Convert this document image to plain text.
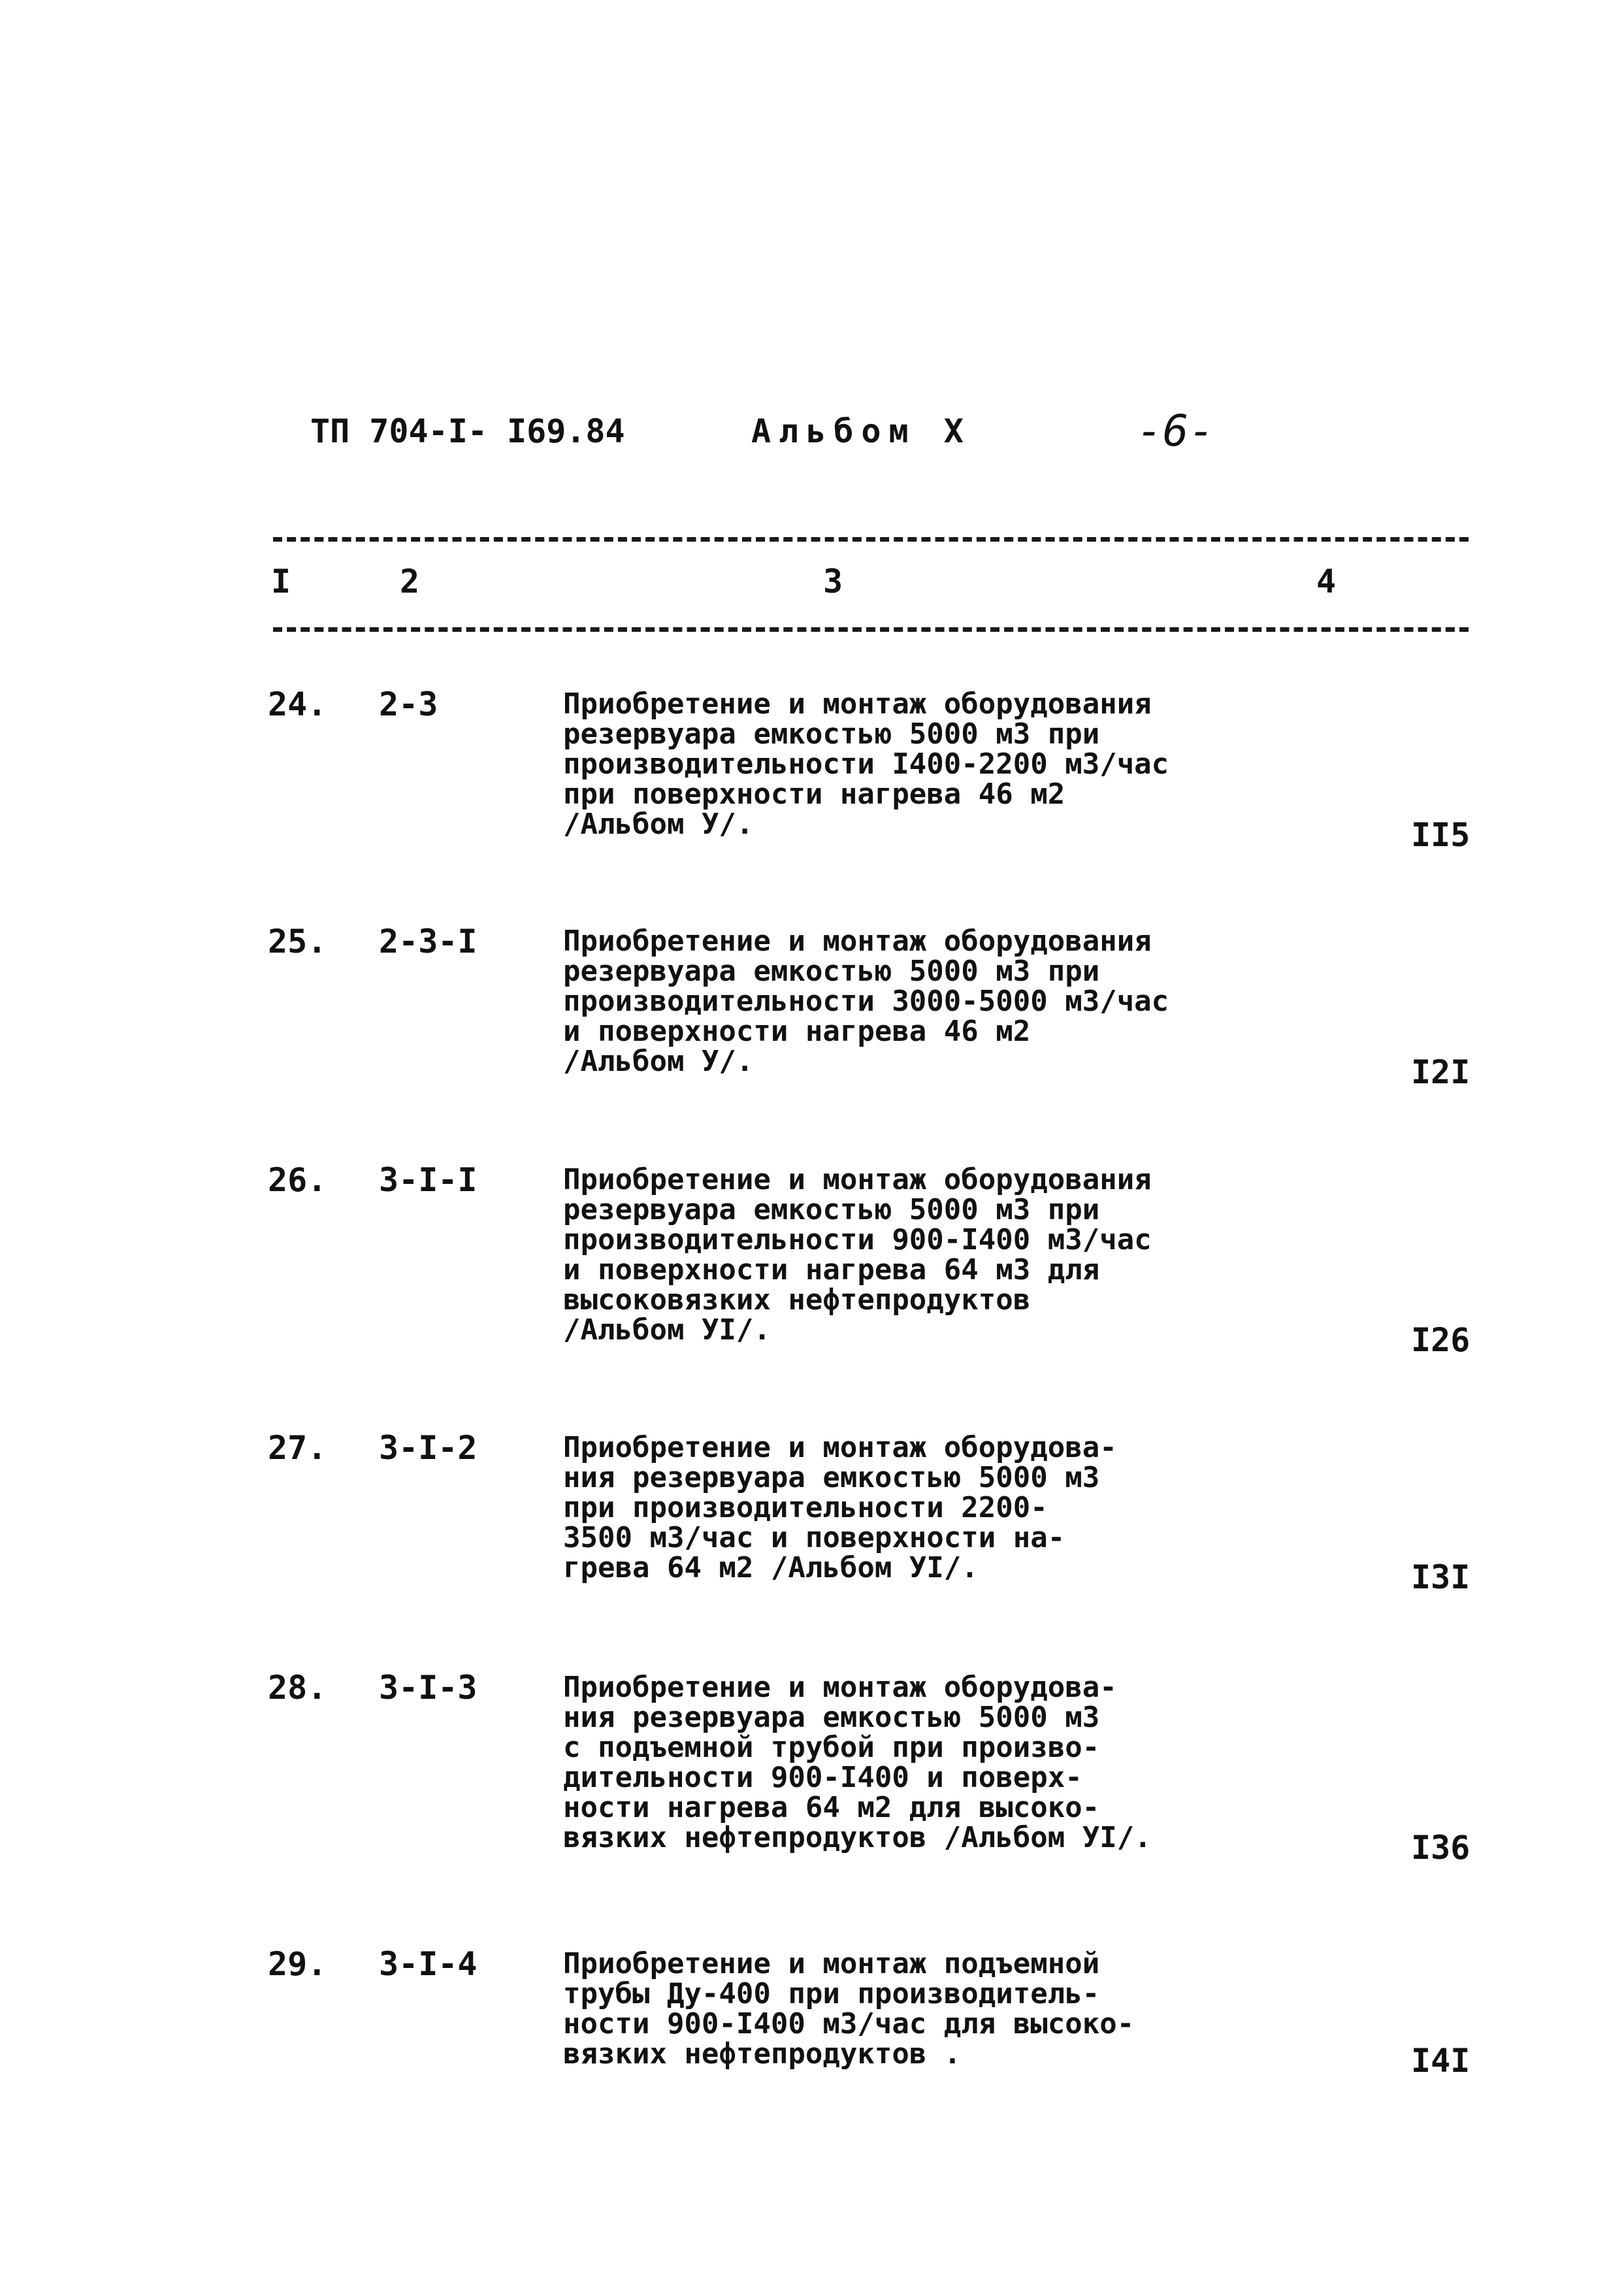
ТП 704-I- I69.84	Альбом X	-6-
I	2	3	4
24. 2-3	Приобретение и монтаж оборудования
резервуара емкостью 5000 м3 при
производительности I400-2200 м3/час
при поверхности нагрева 46 м2
/Альбом У/.	II5
25. 2-3-I	Приобретение и монтаж оборудования
резервуара емкостью 5000 м3 при
производительности 3000-5000 м3/час
и поверхности нагрева 46 м2
/Альбом У/.	I2I
26. 3-I-I	Приобретение и монтаж оборудования
резервуара емкостью 5000 м3 при
производительности 900-I400 м3/час
и поверхности нагрева 64 м3 для
высоковязких нефтепродуктов
/Альбом УI/.	I26
27. 3-I-2	Приобретение и монтаж оборудова-
ния резервуара емкостью 5000 м3
при производительности 2200-
3500 м3/час и поверхности на-
грева 64 м2 /Альбом УI/.	I3I
28. 3-I-3	Приобретение и монтаж оборудова-
ния резервуара емкостью 5000 м3
с подъемной трубой при произво-
дительности 900-I400 и поверх-
ности нагрева 64 м2 для высоко-
вязких нефтепродуктов /Альбом УI/.	I36
29. 3-I-4	Приобретение и монтаж подъемной
трубы Ду-400 при производитель-
ности 900-I400 м3/час для высоко-
вязких нефтепродуктов .	I4I
